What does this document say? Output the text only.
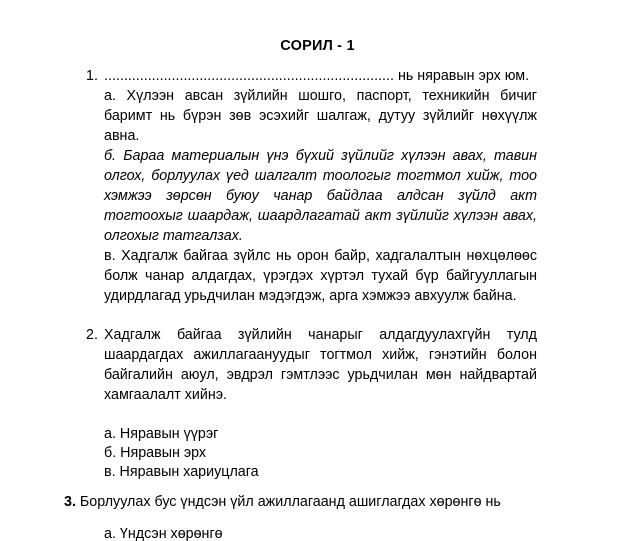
СОРИЛ - 1
1. ......................................................................... нь няравын эрх юм.
а. Хүлээн авсан зүйлийн шошго, паспорт, техникийн бичиг баримт нь бүрэн зөв эсэхийг шалгаж, дутуу зүйлийг нөхүүлж авна.
б. Бараа материалын үнэ бүхий зүйлийг хүлээн авах, тавин олгох, борлуулах үед шалгалт тоологыг тогтмол хийж, тоо хэмжээ зөрсөн буюу чанар байдлаа алдсан зүйлд акт тогтоохыг шаардаж, шаардлагатай акт зүйлийг хүлээн авах, олгохыг татгалзах.
в. Хадгалж байгаа зүйлс нь орон байр, хадгалалтын нөхцөлөөс болж чанар алдагдах, үрэгдэх хүртэл тухай бүр байгууллагын удирдлагад урьдчилан мэдэгдэж, арга хэмжээ авхуулж байна.
2. Хадгалж байгаа зүйлийн чанарыг алдагдуулахгүйн тулд шаардагдах ажиллагаануудыг тогтмол хийж, гэнэтийн болон байгалийн аюул, эвдрэл гэмтлээс урьдчилан мөн найдвартай хамгаалалт хийнэ.
а. Нярав​ын үүрэг
б. Нярав​ын эрх
в. Нярав​ын хариуцлага
3. Борлуулах бус үндсэн үйл ажиллагаанд ашиглагдах хөрөнгө нь
а. Үндсэн хөрөнгө
